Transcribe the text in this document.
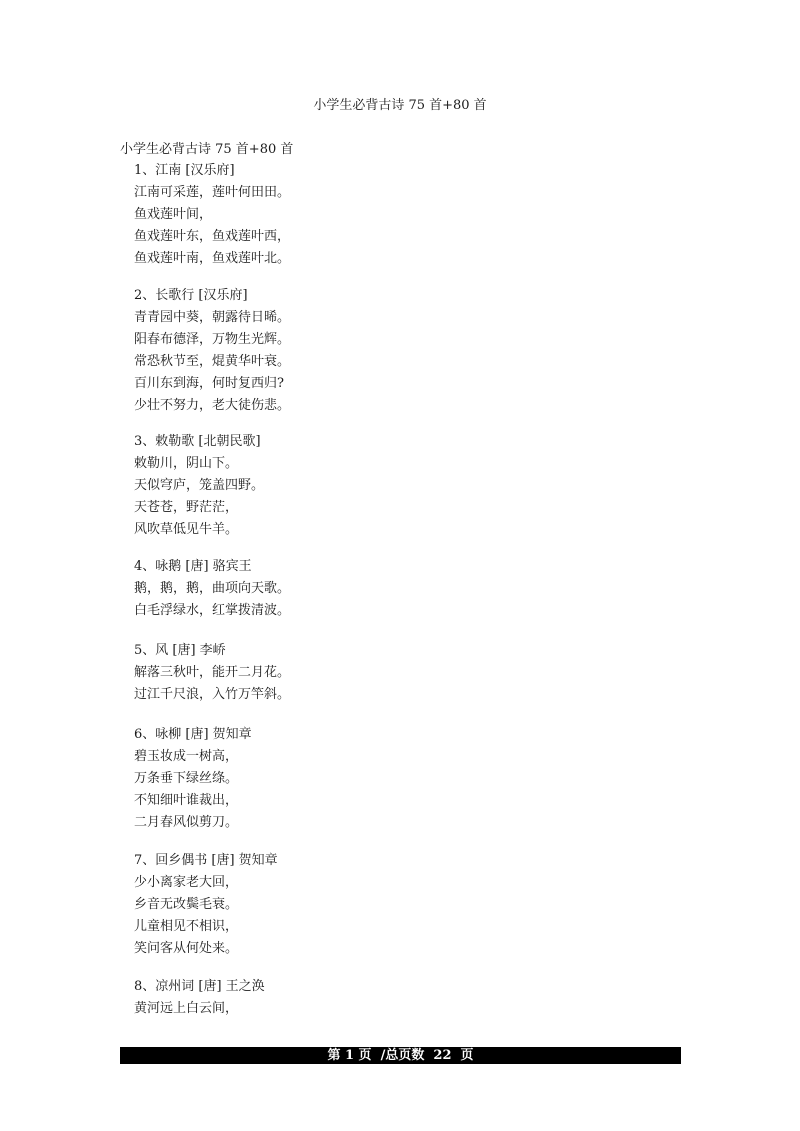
小学生必背古诗 75 首+80 首
小学生必背古诗 75 首+80 首
1、江南 [汉乐府]
江南可采莲，莲叶何田田。
鱼戏莲叶间，
鱼戏莲叶东，鱼戏莲叶西，
鱼戏莲叶南，鱼戏莲叶北。
2、长歌行 [汉乐府]
青青园中葵，朝露待日晞。
阳春布德泽，万物生光辉。
常恐秋节至，焜黄华叶衰。
百川东到海，何时复西归?
少壮不努力，老大徒伤悲。
3、敕勒歌 [北朝民歌]
敕勒川，阴山下。
天似穹庐，笼盖四野。
天苍苍，野茫茫，
风吹草低见牛羊。
4、咏鹅 [唐] 骆宾王
鹅，鹅，鹅，曲项向天歌。
白毛浮绿水，红掌拨清波。
5、风 [唐] 李峤
解落三秋叶，能开二月花。
过江千尺浪，入竹万竿斜。
6、咏柳 [唐] 贺知章
碧玉妆成一树高，
万条垂下绿丝绦。
不知细叶谁裁出，
二月春风似剪刀。
7、回乡偶书 [唐] 贺知章
少小离家老大回，
乡音无改鬓毛衰。
儿童相见不相识，
笑问客从何处来。
8、凉州词 [唐] 王之涣
黄河远上白云间，
第 1 页  /总页数  22  页
